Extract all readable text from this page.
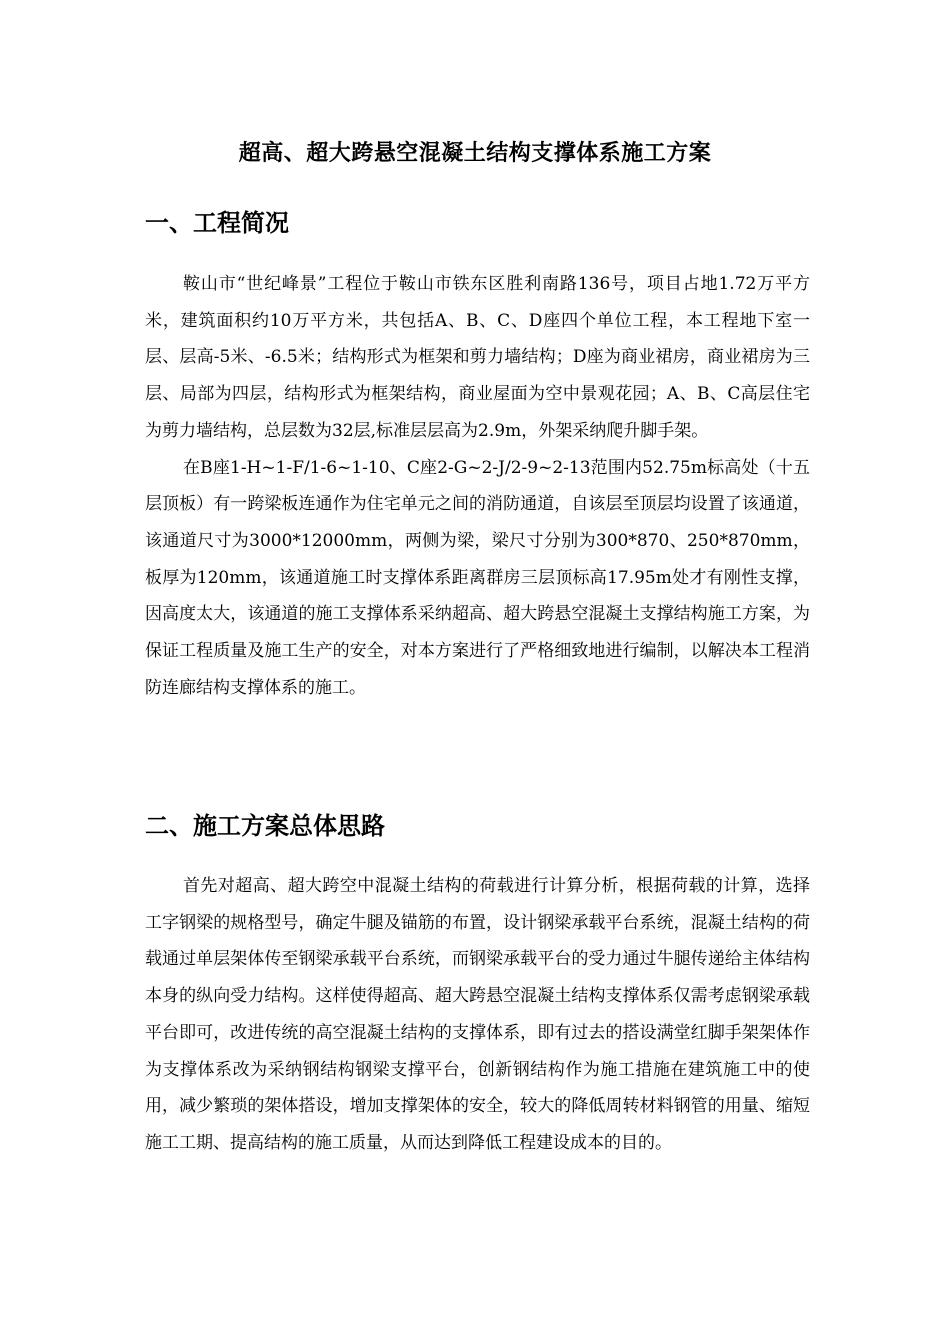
超高、超大跨悬空混凝土结构支撑体系施工方案
一、工程简况

鞍山市“世纪峰景”工程位于鞍山市铁东区胜利南路136号，项目占地1.72万平方米，建筑面积约10万平方米，共包括A、B、C、D座四个单位工程，本工程地下室一层、层高-5米、-6.5米；结构形式为框架和剪力墙结构；D座为商业裙房，商业裙房为三层、局部为四层，结构形式为框架结构，商业屋面为空中景观花园；A、B、C高层住宅为剪力墙结构，总层数为32层,标准层层高为2.9m，外架采纳爬升脚手架。

在B座1-H~1-F/1-6~1-10、C座2-G~2-J/2-9~2-13范围内52.75m标高处（十五层顶板）有一跨梁板连通作为住宅单元之间的消防通道，自该层至顶层均设置了该通道，该通道尺寸为3000*12000mm，两侧为梁，梁尺寸分别为300*870、250*870mm，板厚为120mm，该通道施工时支撑体系距离群房三层顶标高17.95m处才有刚性支撑，因高度太大，该通道的施工支撑体系采纳超高、超大跨悬空混凝土支撑结构施工方案，为保证工程质量及施工生产的安全，对本方案进行了严格细致地进行编制，以解决本工程消防连廊结构支撑体系的施工。

二、施工方案总体思路

首先对超高、超大跨空中混凝土结构的荷载进行计算分析，根据荷载的计算，选择工字钢梁的规格型号，确定牛腿及锚筋的布置，设计钢梁承载平台系统，混凝土结构的荷载通过单层架体传至钢梁承载平台系统，而钢梁承载平台的受力通过牛腿传递给主体结构本身的纵向受力结构。这样使得超高、超大跨悬空混凝土结构支撑体系仅需考虑钢梁承载平台即可，改进传统的高空混凝土结构的支撑体系，即有过去的搭设满堂红脚手架架体作为支撑体系改为采纳钢结构钢梁支撑平台，创新钢结构作为施工措施在建筑施工中的使用，减少繁琐的架体搭设，增加支撑架体的安全，较大的降低周转材料钢管的用量、缩短施工工期、提高结构的施工质量，从而达到降低工程建设成本的目的。
